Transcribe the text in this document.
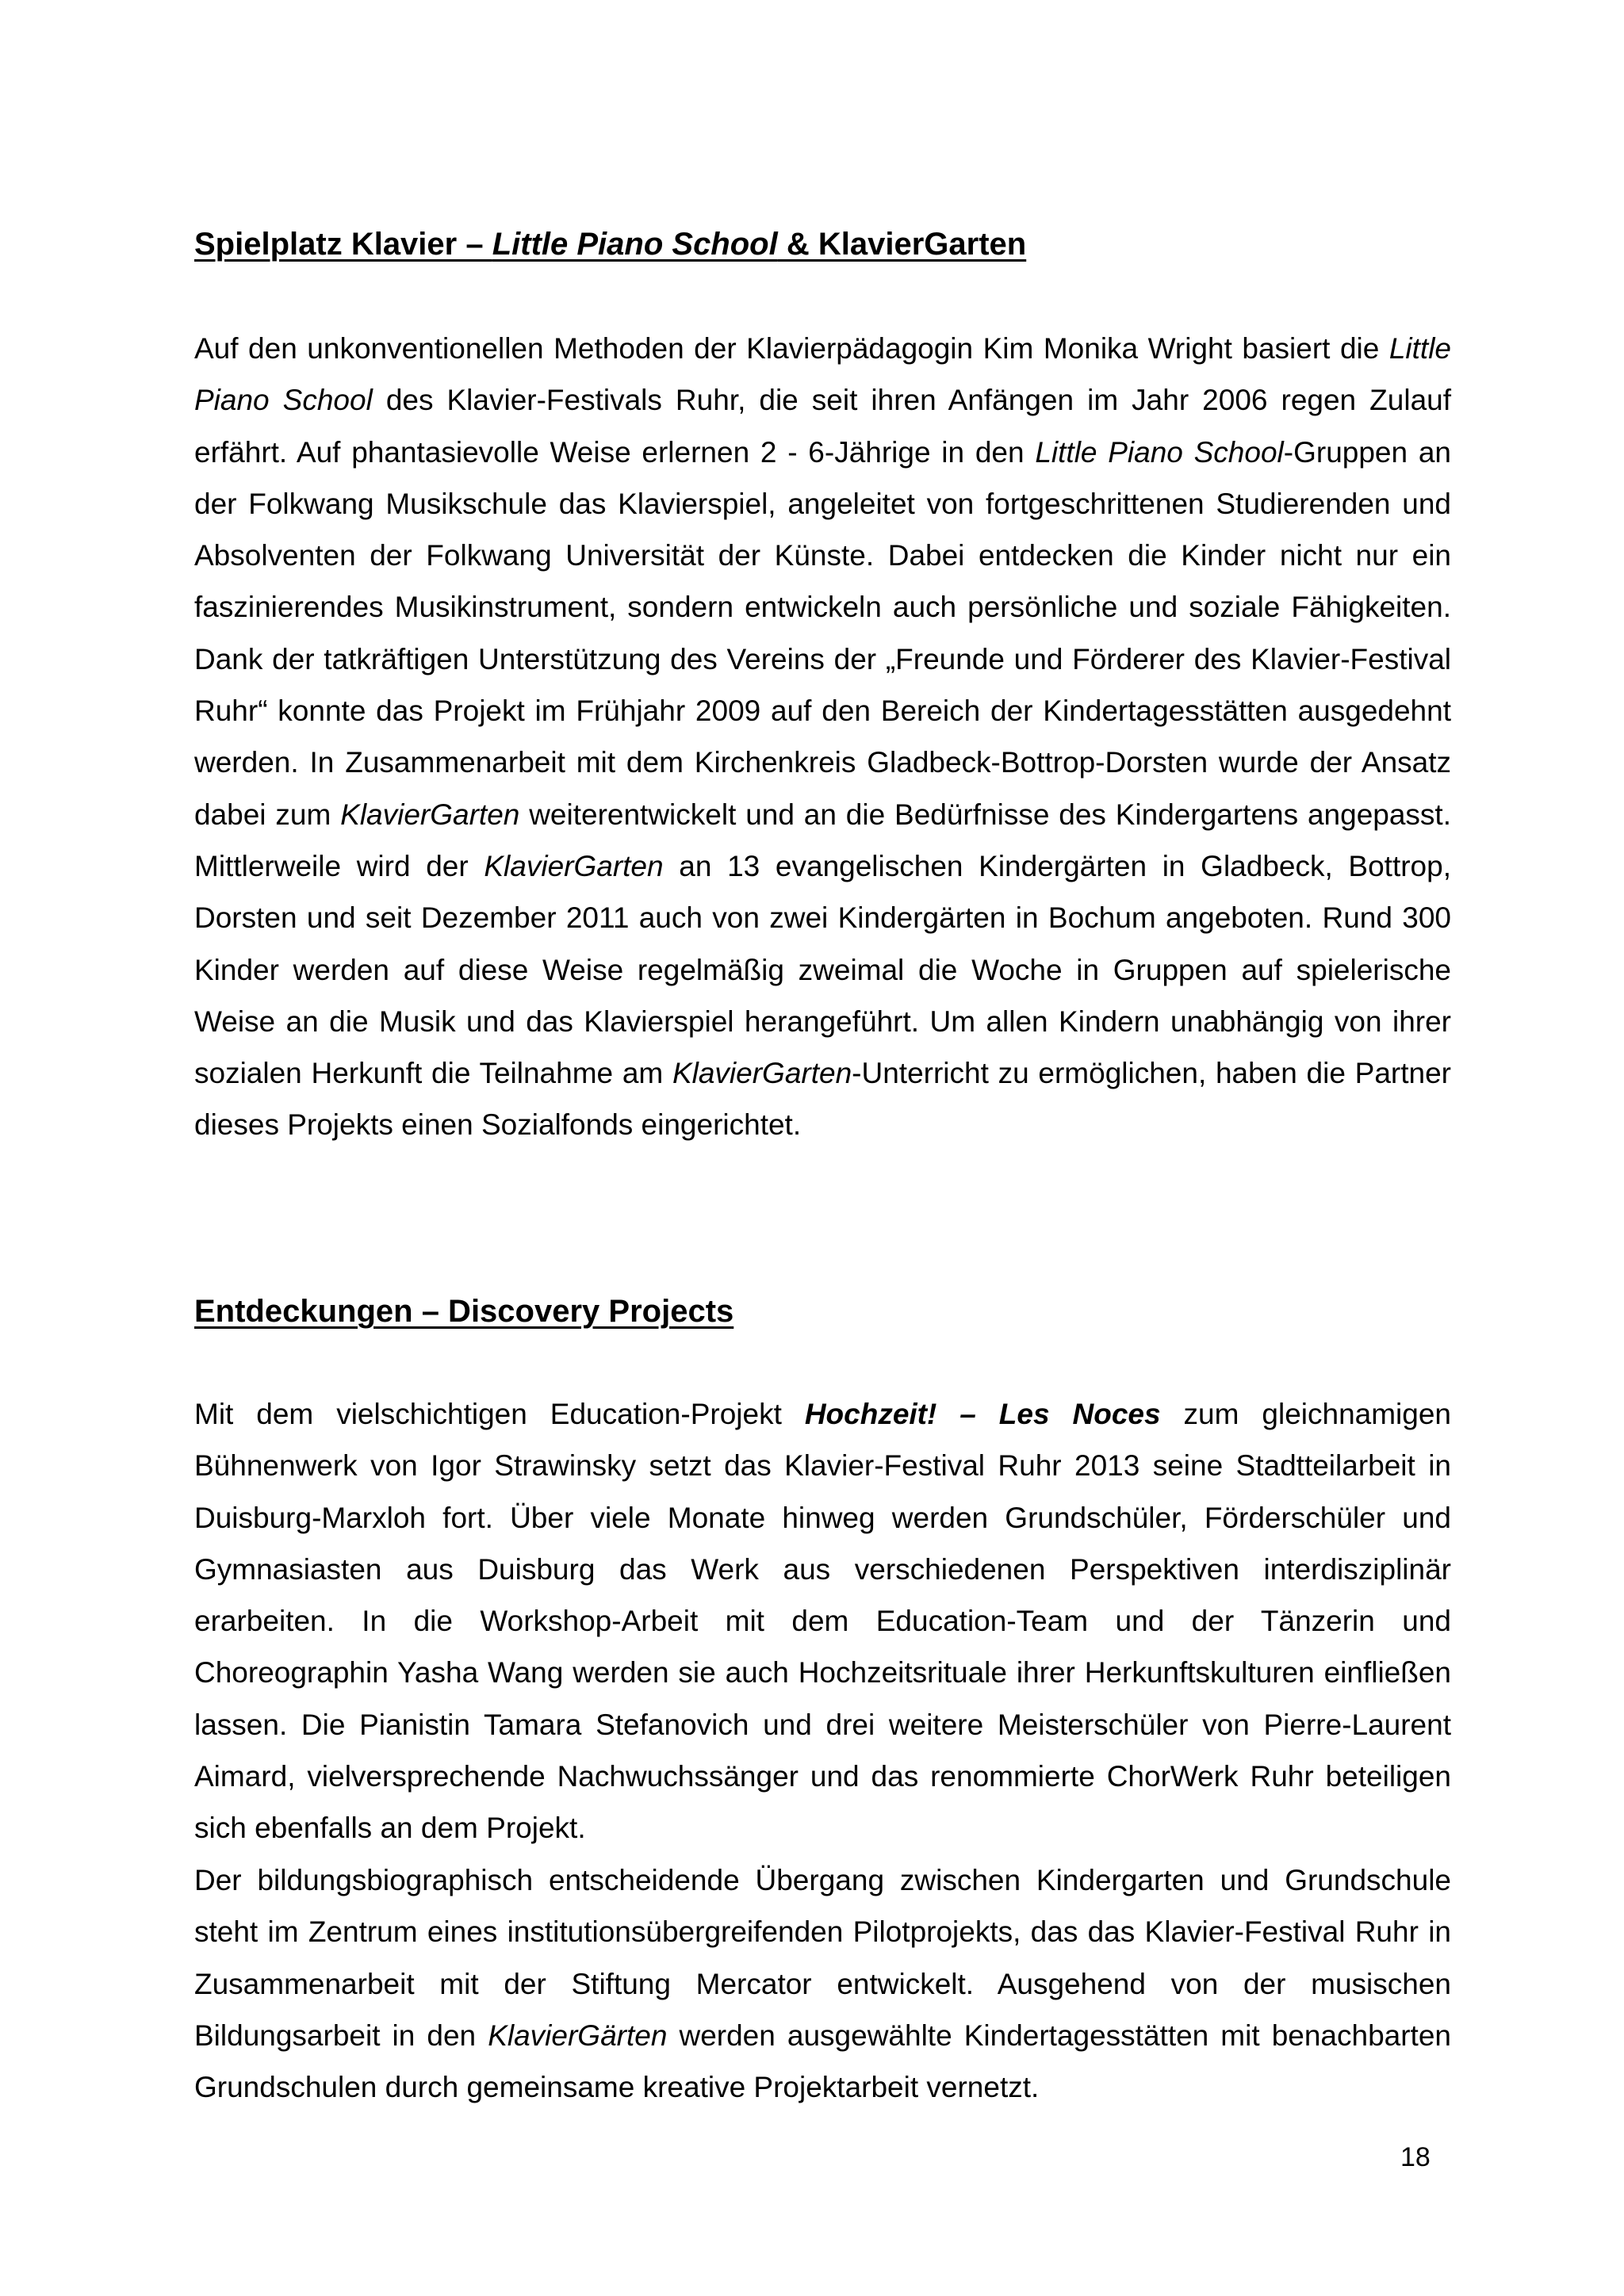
Spielplatz Klavier – Little Piano School & KlavierGarten

Auf den unkonventionellen Methoden der Klavierpädagogin Kim Monika Wright basiert die Little Piano School des Klavier-Festivals Ruhr, die seit ihren Anfängen im Jahr 2006 regen Zulauf erfährt. Auf phantasievolle Weise erlernen 2 - 6-Jährige in den Little Piano School-Gruppen an der Folkwang Musikschule das Klavierspiel, angeleitet von fortgeschrittenen Studierenden und Absolventen der Folkwang Universität der Künste. Dabei entdecken die Kinder nicht nur ein faszinierendes Musikinstrument, sondern entwickeln auch persönliche und soziale Fähigkeiten. Dank der tatkräftigen Unterstützung des Vereins der „Freunde und Förderer des Klavier-Festival Ruhr“ konnte das Projekt im Frühjahr 2009 auf den Bereich der Kindertagesstätten ausgedehnt werden. In Zusammenarbeit mit dem Kirchenkreis Gladbeck-Bottrop-Dorsten wurde der Ansatz dabei zum KlavierGarten weiterentwickelt und an die Bedürfnisse des Kindergartens angepasst. Mittlerweile wird der KlavierGarten an 13 evangelischen Kindergärten in Gladbeck, Bottrop, Dorsten und seit Dezember 2011 auch von zwei Kindergärten in Bochum angeboten. Rund 300 Kinder werden auf diese Weise regelmäßig zweimal die Woche in Gruppen auf spielerische Weise an die Musik und das Klavierspiel herangeführt. Um allen Kindern unabhängig von ihrer sozialen Herkunft die Teilnahme am KlavierGarten-Unterricht zu ermöglichen, haben die Partner dieses Projekts einen Sozialfonds eingerichtet.

Entdeckungen – Discovery Projects

Mit dem vielschichtigen Education-Projekt Hochzeit! – Les Noces zum gleichnamigen Bühnenwerk von Igor Strawinsky setzt das Klavier-Festival Ruhr 2013 seine Stadtteilarbeit in Duisburg-Marxloh fort. Über viele Monate hinweg werden Grundschüler, Förderschüler und Gymnasiasten aus Duisburg das Werk aus verschiedenen Perspektiven interdisziplinär erarbeiten. In die Workshop-Arbeit mit dem Education-Team und der Tänzerin und Choreographin Yasha Wang werden sie auch Hochzeitsrituale ihrer Herkunftskulturen einfließen lassen. Die Pianistin Tamara Stefanovich und drei weitere Meisterschüler von Pierre-Laurent Aimard, vielversprechende Nachwuchssänger und das renommierte ChorWerk Ruhr beteiligen sich ebenfalls an dem Projekt.

Der bildungsbiographisch entscheidende Übergang zwischen Kindergarten und Grundschule steht im Zentrum eines institutionsübergreifenden Pilotprojekts, das das Klavier-Festival Ruhr in Zusammenarbeit mit der Stiftung Mercator entwickelt. Ausgehend von der musischen Bildungsarbeit in den KlavierGärten werden ausgewählte Kindertagesstätten mit benachbarten Grundschulen durch gemeinsame kreative Projektarbeit vernetzt.

18
